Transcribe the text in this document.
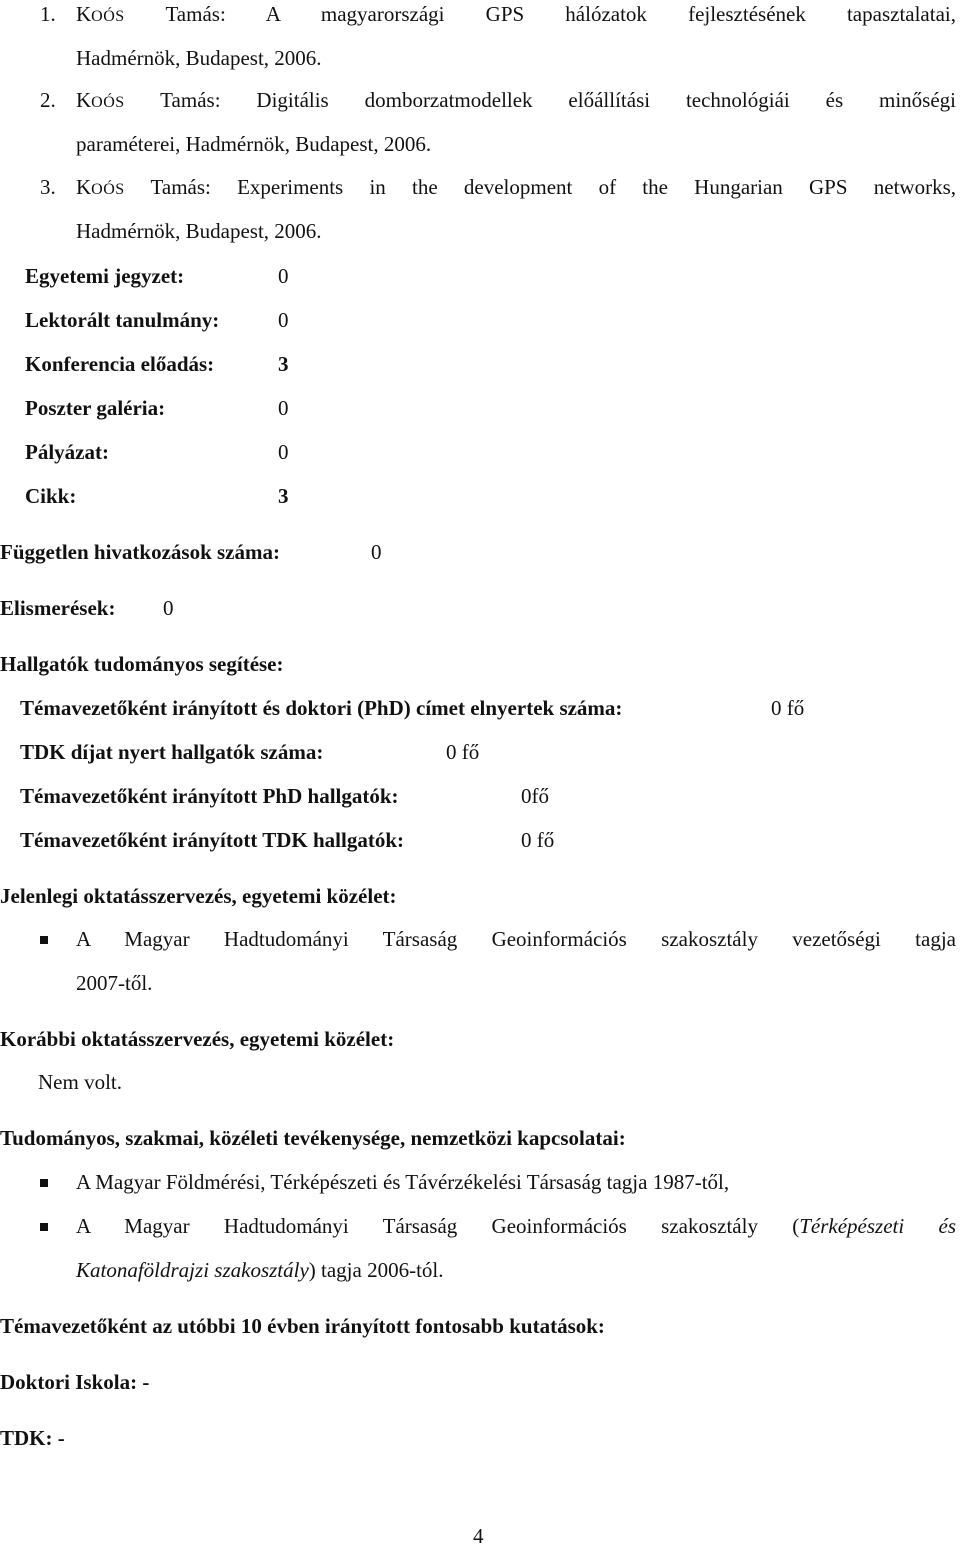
1. KOÓS Tamás: A magyarországi GPS hálózatok fejlesztésének tapasztalatai,
Hadmérnök, Budapest, 2006.
2. KOÓS Tamás: Digitális domborzatmodellek előállítási technológiái és minőségi
paraméterei, Hadmérnök, Budapest, 2006.
3. KOÓS Tamás: Experiments in the development of the Hungarian GPS networks,
Hadmérnök, Budapest, 2006.
Egyetemi jegyzet:	0
Lektorált tanulmány:	0
Konferencia előadás:	3
Poszter galéria:	0
Pályázat:	0
Cikk:	3
Független hivatkozások száma:	0
Elismerések: 0
Hallgatók tudományos segítése:
Témavezetőként irányított és doktori (PhD) címet elnyertek száma:	0 fő
TDK díjat nyert hallgatók száma:	0 fő
Témavezetőként irányított PhD hallgatók:	0fő
Témavezetőként irányított TDK hallgatók:	0 fő
Jelenlegi oktatásszervezés, egyetemi közélet:
A Magyar Hadtudományi Társaság Geoinformációs szakosztály vezetőségi tagja
2007-től.
Korábbi oktatásszervezés, egyetemi közélet:
Nem volt.
Tudományos, szakmai, közéleti tevékenysége, nemzetközi kapcsolatai:
A Magyar Földmérési, Térképészeti és Távérzékelési Társaság tagja 1987-től,
A Magyar Hadtudományi Társaság Geoinformációs szakosztály (Térképészeti és
Katonaföldrajzi szakosztály) tagja 2006-tól.
Témavezetőként az utóbbi 10 évben irányított fontosabb kutatások:
Doktori Iskola: -
TDK: -
4
